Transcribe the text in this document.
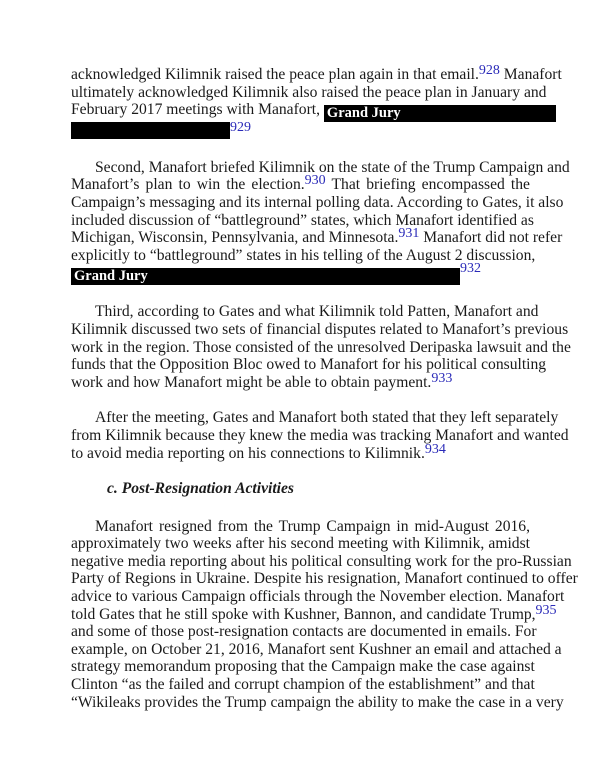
acknowledged Kilimnik raised the peace plan again in that email.928 Manafort
ultimately acknowledged Kilimnik also raised the peace plan in January and
February 2017 meetings with Manafort, Grand Jury
929
Second, Manafort briefed Kilimnik on the state of the Trump Campaign and
Manafort’s plan to win the election.930 That briefing encompassed the
Campaign’s messaging and its internal polling data. According to Gates, it also
included discussion of “battleground” states, which Manafort identified as
Michigan, Wisconsin, Pennsylvania, and Minnesota.931 Manafort did not refer
explicitly to “battleground” states in his telling of the August 2 discussion,
Grand Jury	932
Third, according to Gates and what Kilimnik told Patten, Manafort and
Kilimnik discussed two sets of financial disputes related to Manafort’s previous
work in the region. Those consisted of the unresolved Deripaska lawsuit and the
funds that the Opposition Bloc owed to Manafort for his political consulting
work and how Manafort might be able to obtain payment.933
After the meeting, Gates and Manafort both stated that they left separately
from Kilimnik because they knew the media was tracking Manafort and wanted
to avoid media reporting on his connections to Kilimnik.934
c. Post-Resignation Activities
Manafort resigned from the Trump Campaign in mid-August 2016,
approximately two weeks after his second meeting with Kilimnik, amidst
negative media reporting about his political consulting work for the pro-Russian
Party of Regions in Ukraine. Despite his resignation, Manafort continued to offer
advice to various Campaign officials through the November election. Manafort
told Gates that he still spoke with Kushner, Bannon, and candidate Trump,935
and some of those post-resignation contacts are documented in emails. For
example, on October 21, 2016, Manafort sent Kushner an email and attached a
strategy memorandum proposing that the Campaign make the case against
Clinton “as the failed and corrupt champion of the establishment” and that
“Wikileaks provides the Trump campaign the ability to make the case in a very
